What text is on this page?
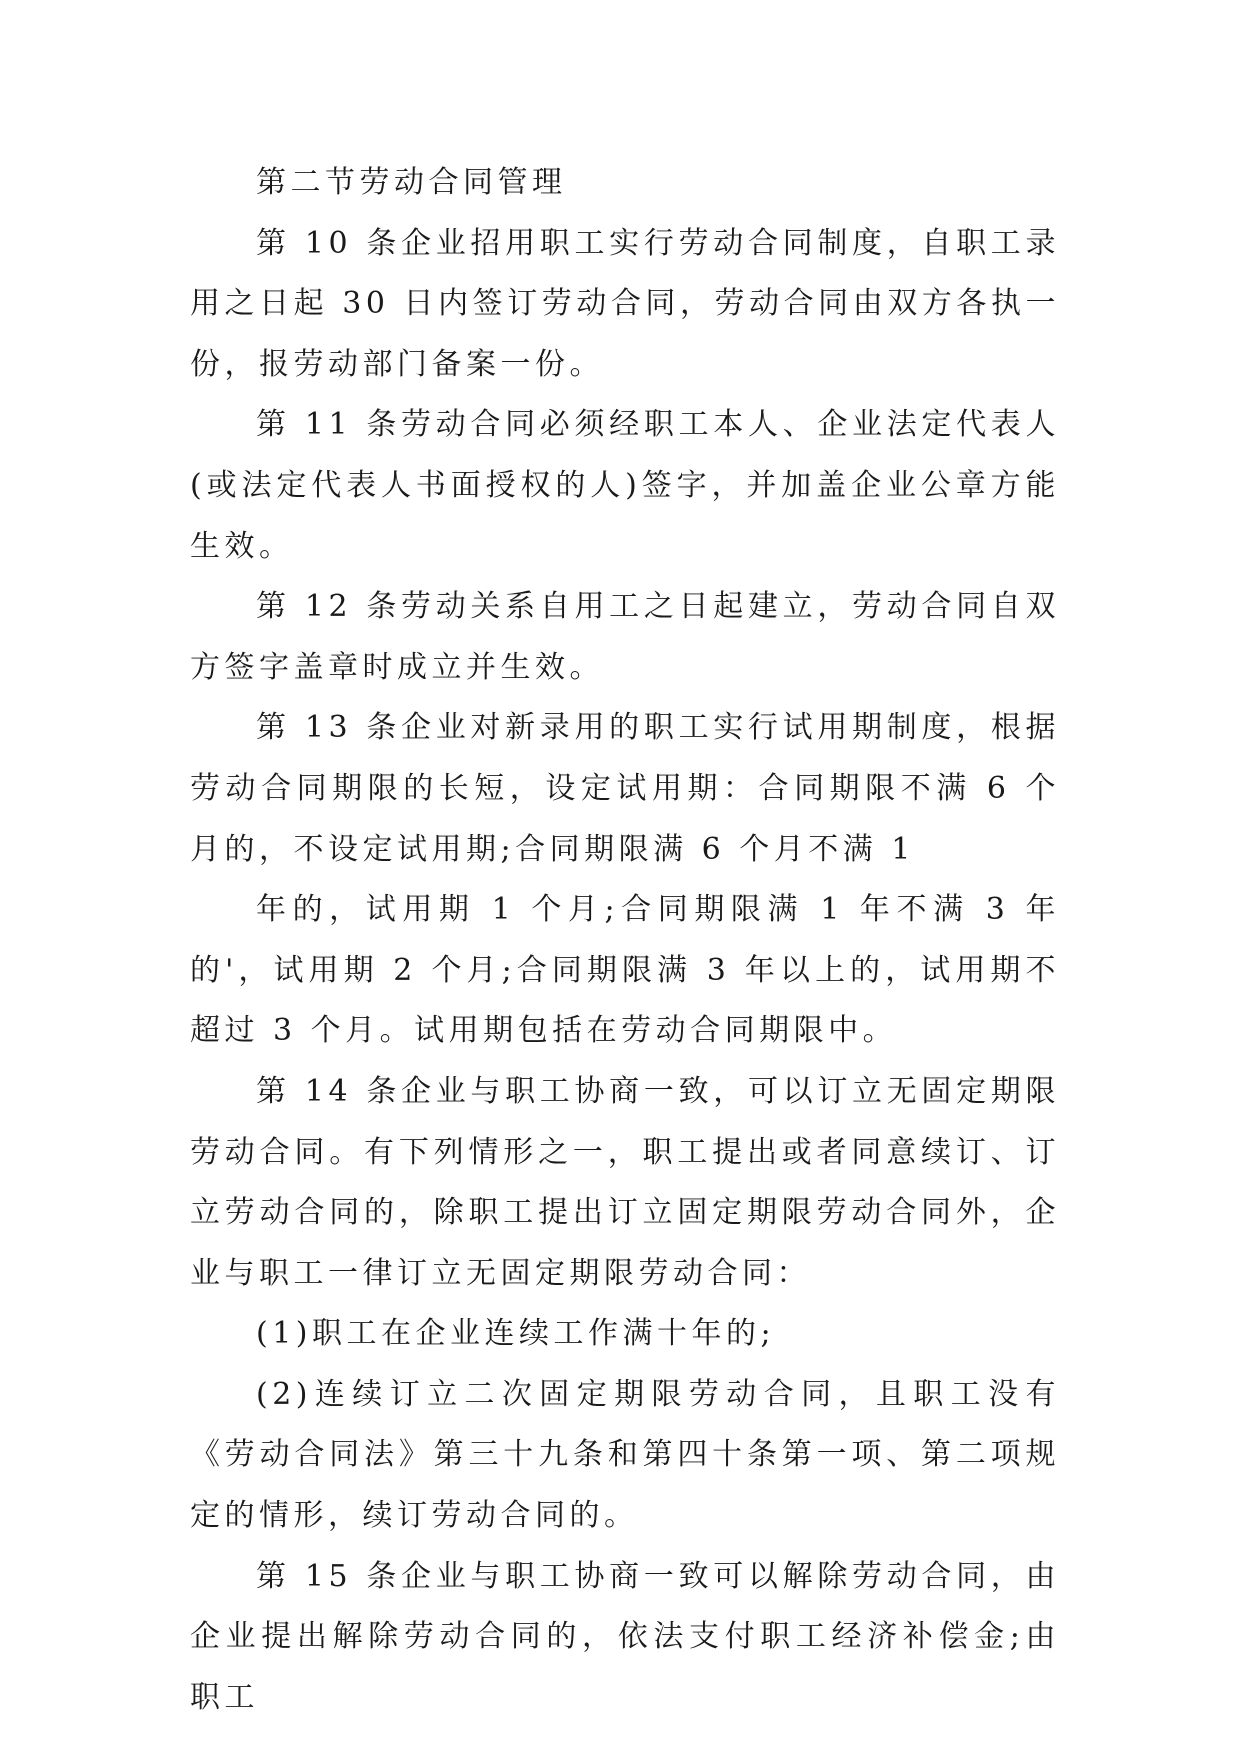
第二节劳动合同管理

第 10 条企业招用职工实行劳动合同制度，自职工录用之日起 30 日内签订劳动合同，劳动合同由双方各执一份，报劳动部门备案一份。

第 11 条劳动合同必须经职工本人、企业法定代表人(或法定代表人书面授权的人)签字，并加盖企业公章方能生效。

第 12 条劳动关系自用工之日起建立，劳动合同自双方签字盖章时成立并生效。

第 13 条企业对新录用的职工实行试用期制度，根据劳动合同期限的长短，设定试用期：合同期限不满 6 个月的，不设定试用期;合同期限满 6 个月不满 1

年的，试用期 1 个月;合同期限满 1 年不满 3 年的'，试用期 2 个月;合同期限满 3 年以上的，试用期不超过 3 个月。试用期包括在劳动合同期限中。

第 14 条企业与职工协商一致，可以订立无固定期限劳动合同。有下列情形之一，职工提出或者同意续订、订立劳动合同的，除职工提出订立固定期限劳动合同外，企业与职工一律订立无固定期限劳动合同：

(1)职工在企业连续工作满十年的;

(2)连续订立二次固定期限劳动合同，且职工没有《劳动合同法》第三十九条和第四十条第一项、第二项规定的情形，续订劳动合同的。

第 15 条企业与职工协商一致可以解除劳动合同，由企业提出解除劳动合同的，依法支付职工经济补偿金;由职工
